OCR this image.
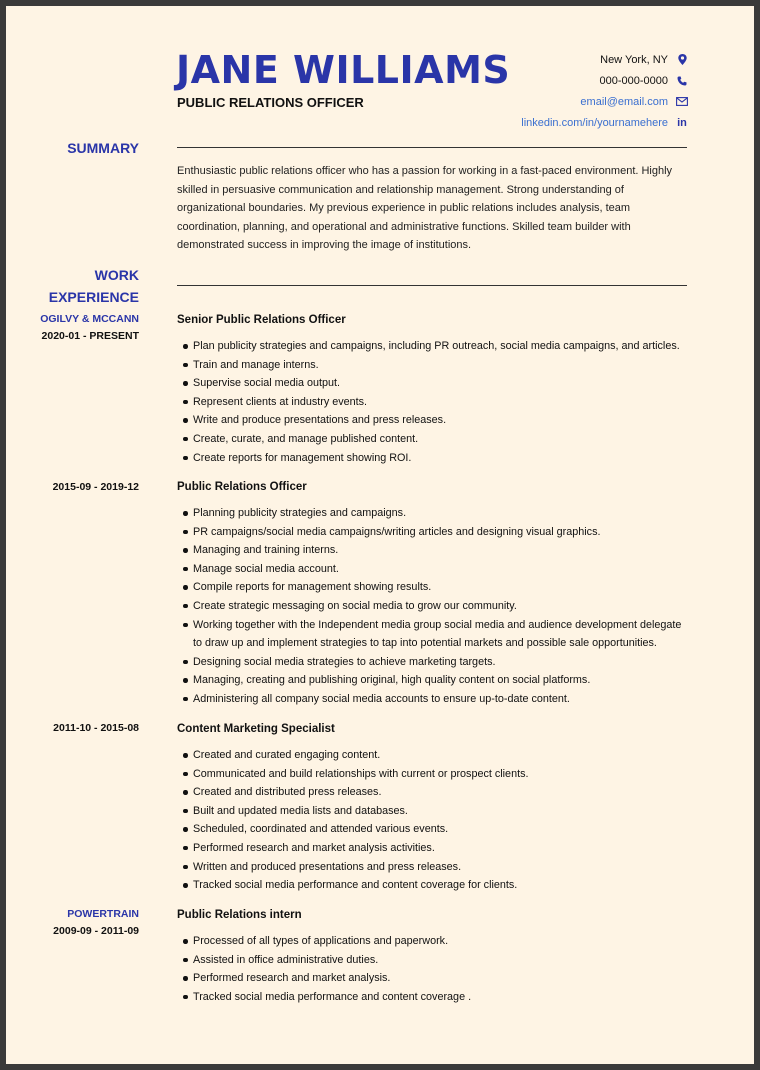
JANE WILLIAMS
PUBLIC RELATIONS OFFICER
New York, NY
000-000-0000
email@email.com
linkedin.com/in/yournamehere in
SUMMARY
Enthusiastic public relations officer who has a passion for working in a fast-paced environment. Highly skilled in persuasive communication and relationship management. Strong understanding of organizational boundaries. My previous experience in public relations includes analysis, team coordination, planning, and operational and administrative functions. Skilled team builder with demonstrated success in improving the image of institutions.
WORK
EXPERIENCE
OGILVY & MCCANN
2020-01 - PRESENT
Senior Public Relations Officer
Plan publicity strategies and campaigns, including PR outreach, social media campaigns, and articles.
Train and manage interns.
Supervise social media output.
Represent clients at industry events.
Write and produce presentations and press releases.
Create, curate, and manage published content.
Create reports for management showing ROI.
2015-09 - 2019-12	Public Relations Officer
Planning publicity strategies and campaigns.
PR campaigns/social media campaigns/writing articles and designing visual graphics.
Managing and training interns.
Manage social media account.
Compile reports for management showing results.
Create strategic messaging on social media to grow our community.
Working together with the Independent media group social media and audience development delegate to draw up and implement strategies to tap into potential markets and possible sale opportunities.
Designing social media strategies to achieve marketing targets.
Managing, creating and publishing original, high quality content on social platforms.
Administering all company social media accounts to ensure up-to-date content.
2011-10 - 2015-08	Content Marketing Specialist
Created and curated engaging content.
Communicated and build relationships with current or prospect clients.
Created and distributed press releases.
Built and updated media lists and databases.
Scheduled, coordinated and attended various events.
Performed research and market analysis activities.
Written and produced presentations and press releases.
Tracked social media performance and content coverage for clients.
POWERTRAIN
2009-09 - 2011-09
Public Relations intern
Processed of all types of applications and paperwork.
Assisted in office administrative duties.
Performed research and market analysis.
Tracked social media performance and content coverage .
